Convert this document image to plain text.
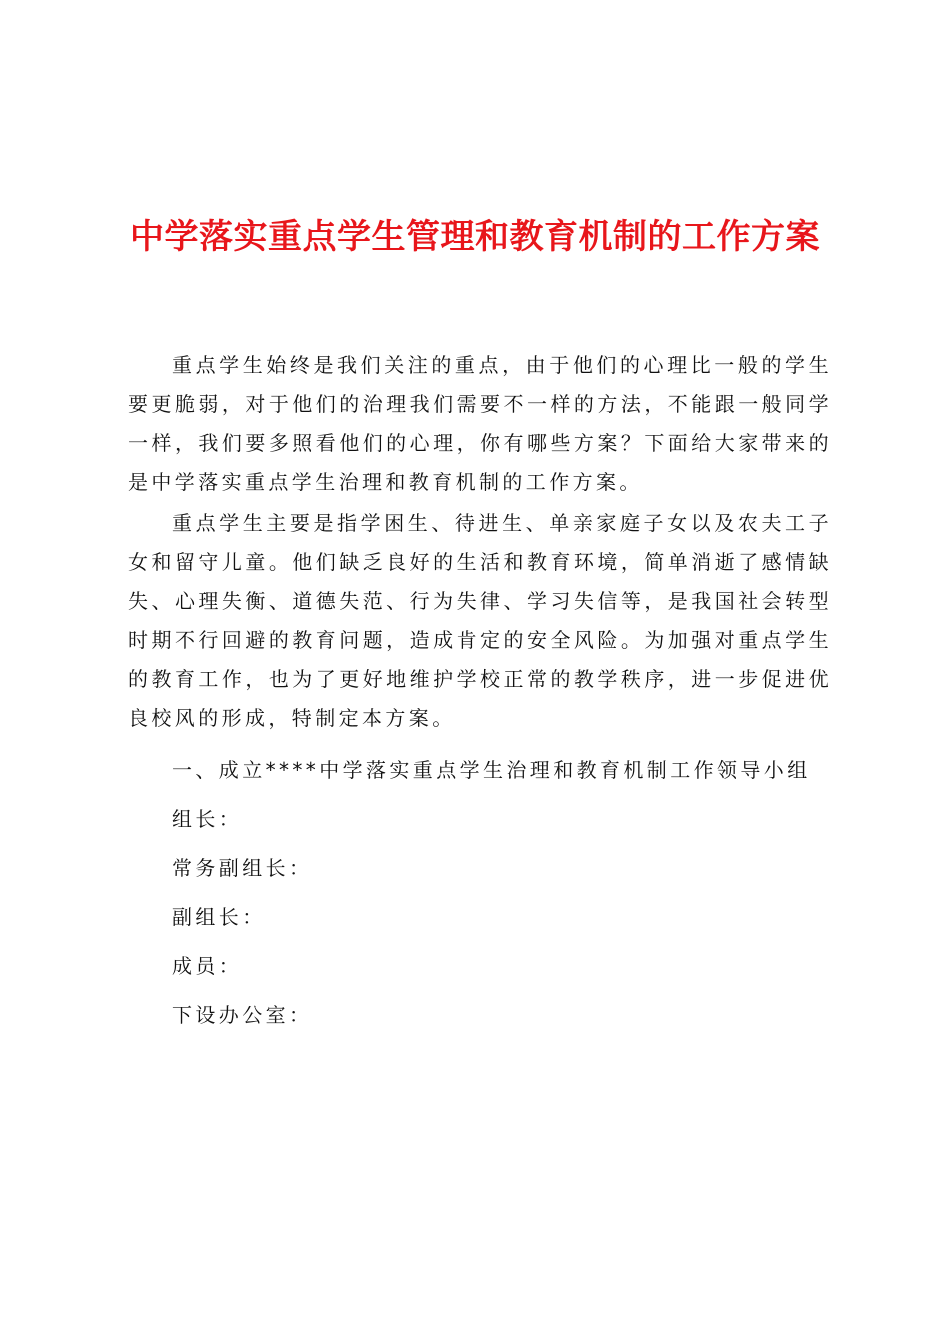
中学落实重点学生管理和教育机制的工作方案

重点学生始终是我们关注的重点，由于他们的心理比一般的学生要更脆弱，对于他们的治理我们需要不一样的方法，不能跟一般同学一样，我们要多照看他们的心理，你有哪些方案？下面给大家带来的是中学落实重点学生治理和教育机制的工作方案。

重点学生主要是指学困生、待进生、单亲家庭子女以及农夫工子女和留守儿童。他们缺乏良好的生活和教育环境，简单消逝了感情缺失、心理失衡、道德失范、行为失律、学习失信等，是我国社会转型时期不行回避的教育问题，造成肯定的安全风险。为加强对重点学生的教育工作，也为了更好地维护学校正常的教学秩序，进一步促进优良校风的形成，特制定本方案。

一、成立****中学落实重点学生治理和教育机制工作领导小组

组长：

常务副组长：

副组长：

成员：

下设办公室：
